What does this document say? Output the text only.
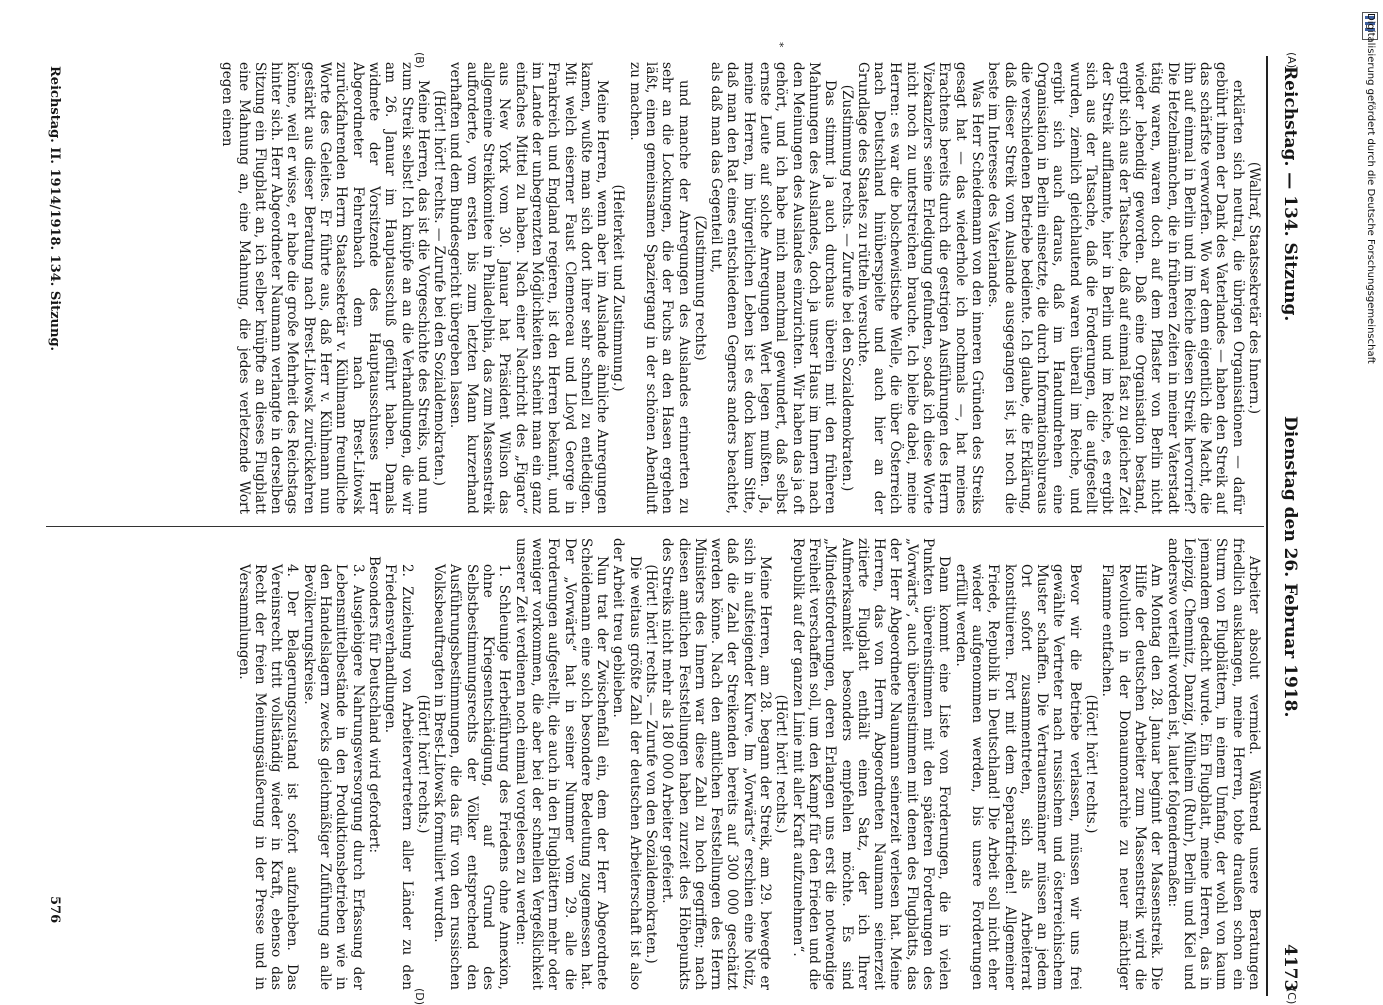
Reichstag. — 134. Sitzung.
Dienstag den 26. Februar 1918.
4173
(A)
*
(B)
(C)
(D)

(Wallraf, Staatssekretär des Innern.)

erklärten sich neutral, die übrigen Organisationen — dafür gebührt ihnen der Dank des Vaterlandes — haben den Streik auf das schärfste verworfen. Wo war denn eigentlich die Macht, die ihn auf einmal in Berlin und im Reiche diesen Streik hervorrief? Die Hetzelmännchen, die in früheren Zeiten in meiner Vaterstadt tätig waren, waren doch auf dem Pflaster von Berlin nicht wieder lebendig geworden. Daß eine Organisation bestand, ergibt sich aus der Tatsache, daß auf einmal fast zu gleicher Zeit der Streik aufflammte, hier in Berlin und im Reiche, es ergibt sich aus der Tatsache, daß die Forderungen, die aufgestellt wurden, ziemlich gleichlautend waren überall im Reiche, und ergibt sich auch daraus, daß im Handumdrehen eine Organisation in Berlin einsetzte, die durch Informationsbureaus die verschiedenen Betriebe bediente. Ich glaube, die Erklärung, daß dieser Streik vom Auslande ausgegangen ist, ist noch die beste im Interesse des Vaterlandes.

Was Herr Scheidemann von den inneren Gründen des Streiks gesagt hat — das wiederhole ich nochmals —, hat meines Erachtens bereits durch die gestrigen Ausführungen des Herrn Vizekanzlers seine Erledigung gefunden, sodaß ich diese Worte nicht noch zu unterstreichen brauche. Ich bleibe dabei, meine Herren: es war die bolschewistische Welle, die über Österreich nach Deutschland hinüberspielte und auch hier an der Grundlage des Staates zu rütteln versuchte.

(Zustimmung rechts. — Zurufe bei den Sozialdemokraten.)

Das stimmt ja auch durchaus überein mit den früheren Mahnungen des Auslandes, doch ja unser Haus im Innern nach den Meinungen des Auslandes einzurichten. Wir haben das ja oft gehört, und ich habe mich manchmal gewundert, daß selbst ernste Leute auf solche Anregungen Wert legen mußten. Ja, meine Herren, im bürgerlichen Leben ist es doch kaum Sitte, daß man den Rat eines entschiedenen Gegners anders beachtet, als daß man das Gegenteil tut,

(Zustimmung rechts)

und manche der Anregungen des Auslandes erinnerten zu sehr an die Lockungen, die der Fuchs an den Hasen ergehen läßt, einen gemeinsamen Spaziergang in der schönen Abendluft zu machen.

(Heiterkeit und Zustimmung.)

Meine Herren, wenn aber im Auslande ähnliche Anregungen kamen, wußte man sich dort ihrer sehr schnell zu entledigen. Mit welch eiserner Faust Clemenceau und Lloyd George in Frankreich und England regieren, ist den Herren bekannt, und im Lande der unbegrenzten Möglichkeiten scheint man ein ganz einfaches Mittel zu haben. Nach einer Nachricht des „Figaro“ aus New York vom 30. Januar hat Präsident Wilson das allgemeine Streikkomitee in Philadelphia, das zum Massenstreik aufforderte, vom ersten bis zum letzten Mann kurzerhand verhaften und dem Bundesgericht übergeben lassen.

(Hört! hört! rechts. — Zurufe bei den Sozialdemokraten.)

Meine Herren, das ist die Vorgeschichte des Streiks, und nun zum Streik selbst! Ich knüpfe an an die Verhandlungen, die wir am 26. Januar im Hauptausschuß geführt haben. Damals widmete der Vorsitzende des Hauptausschusses Herr Abgeordneter Fehrenbach dem nach Brest-Litowsk zurückfahrenden Herrn Staatssekretär v. Kühlmann freundliche Worte des Geleites. Er führte aus, daß Herr v. Kühlmann nun gestärkt aus dieser Beratung nach Brest-Litowsk zurückkehren könne, weil er wisse, er habe die große Mehrheit des Reichstags hinter sich. Herr Abgeordneter Naumann verlangte in derselben Sitzung ein Flugblatt an, ich selber knüpfte an dieses Flugblatt eine Mahnung an, eine Mahnung, die jedes verletzende Wort gegen einen

Arbeiter absolut vermied. Während unsere Beratungen friedlich ausklangen, meine Herren, tobte draußen schon ein Sturm von Flugblättern, in einem Umfang, der wohl von kaum jemandem gedacht wurde. Ein Flugblatt, meine Herren, das in Leipzig, Chemnitz, Danzig, Mülheim (Ruhr), Berlin und Kiel und anderswo verteilt worden ist, lautet folgendermaßen:

Am Montag den 28. Januar beginnt der Massenstreik. Die Hilfe der deutschen Arbeiter zum Massenstreik wird die Revolution in der Donaumonarchie zu neuer mächtiger Flamme entfachen.

(Hört! hört! rechts.)

Bevor wir die Betriebe verlassen, müssen wir uns frei gewählte Vertreter nach russischem und österreichischem Muster schaffen. Die Vertrauensmänner müssen an jedem Ort sofort zusammentreten, sich als Arbeiterrat konstituieren. Fort mit dem Separatfrieden! Allgemeiner Friede, Republik in Deutschland! Die Arbeit soll nicht eher wieder aufgenommen werden, bis unsere Forderungen erfüllt werden.

Dann kommt eine Liste von Forderungen, die in vielen Punkten übereinstimmen mit den späteren Forderungen des „Vorwärts“, auch übereinstimmen mit denen des Flugblatts, das der Herr Abgeordnete Naumann seinerzeit verlesen hat. Meine Herren, das von Herrn Abgeordneten Naumann seinerzeit zitierte Flugblatt enthält einen Satz, der ich Ihrer Aufmerksamkeit besonders empfehlen möchte. Es sind „Mindestforderungen, deren Erlangen uns erst die notwendige Freiheit verschaffen soll, um den Kampf für den Frieden und die Republik auf der ganzen Linie mit aller Kraft aufzunehmen“.

(Hört! hört! rechts.)

Meine Herren, am 28. begann der Streik, am 29. bewegte er sich in aufsteigender Kurve. Im „Vorwärts“ erschien eine Notiz, daß die Zahl der Streikenden bereits auf 300 000 geschätzt werden könne. Nach den amtlichen Feststellungen des Herrn Ministers des Innern war diese Zahl zu hoch gegriffen; nach diesen amtlichen Feststellungen haben zurzeit des Höhepunkts des Streiks nicht mehr als 180 000 Arbeiter gefeiert.

(Hört! hört! rechts. — Zurufe von den Sozialdemokraten.)

Die weitaus größte Zahl der deutschen Arbeiterschaft ist also der Arbeit treu geblieben.

Nun trat der Zwischenfall ein, dem der Herr Abgeordnete Scheidemann eine solch besondere Bedeutung zugemessen hat. Der „Vorwärts“ hat in seiner Nummer vom 29. alle die Forderungen aufgestellt, die auch in den Flugblättern mehr oder weniger vorkommen, die aber bei der schnellen Vergeßlichkeit unserer Zeit verdienen noch einmal vorgelesen zu werden:

1. Schleunige Herbeiführung des Friedens ohne Annexion, ohne Kriegsentschädigung, auf Grund des Selbstbestimmungsrechts der Völker entsprechend den Ausführungsbestimmungen, die das für von den russischen Volksbeauftragten in Brest-Litowsk formuliert wurden.

(Hört! hört! rechts.)

2. Zuziehung von Arbeitervertretern aller Länder zu den Friedensverhandlungen.

Besonders für Deutschland wird gefordert:

3. Ausgiebigere Nahrungsversorgung durch Erfassung der Lebensmittelbestände in den Produktionsbetrieben wie in den Handelslagern zwecks gleichmäßiger Zuführung an alle Bevölkerungskreise.

4. Der Belagerungszustand ist sofort aufzuheben. Das Vereinsrecht tritt vollständig wieder in Kraft, ebenso das Recht der freien Meinungsäußerung in der Presse und in Versammlungen.

Reichstag. II. 1914/1918. 134. Sitzung.
576
Digitalisierung gefördert durch die Deutsche Forschungsgemeinschaft
